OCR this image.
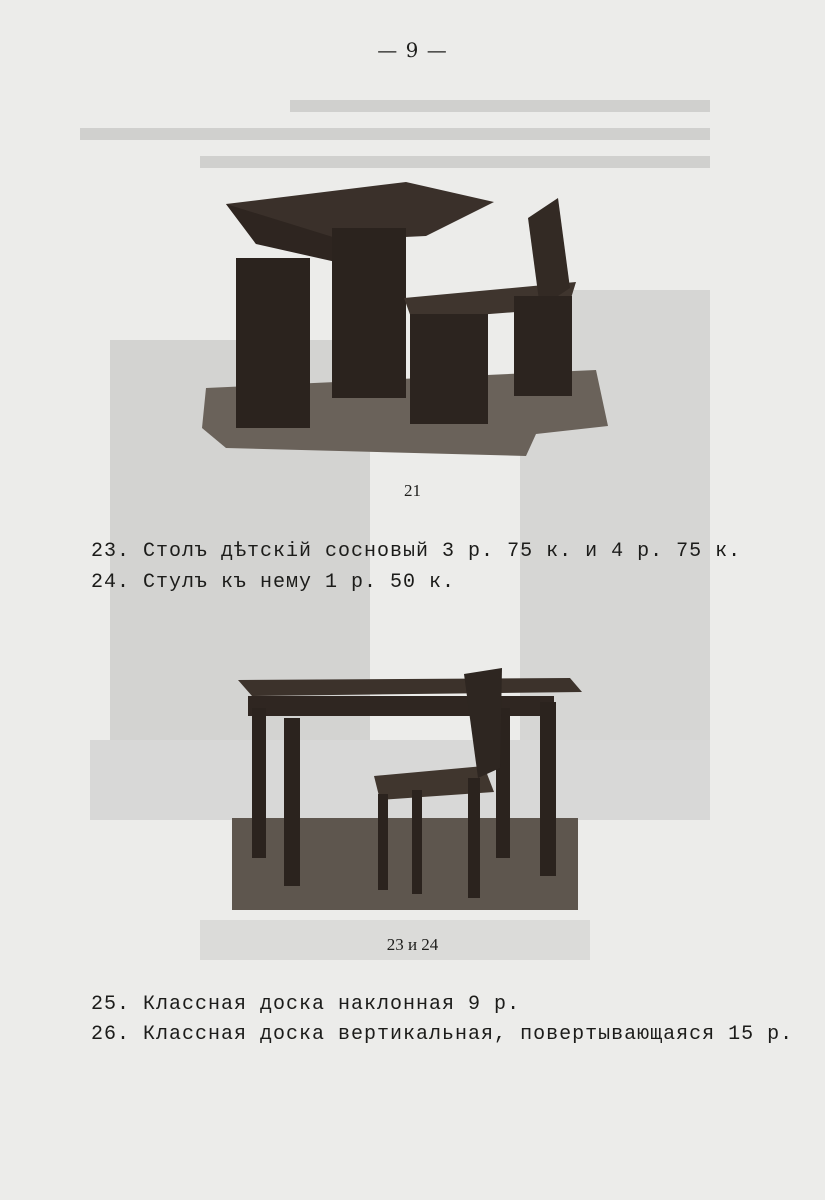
— 9 —
21
23. Столъ дѣтскій сосновый 3 р. 75 к. и 4 р. 75 к.
24. Стулъ къ нему 1 р. 50 к.
23 и 24
25. Классная доска наклонная 9 р.
26. Классная доска вертикальная, повертывающаяся 15 р.
